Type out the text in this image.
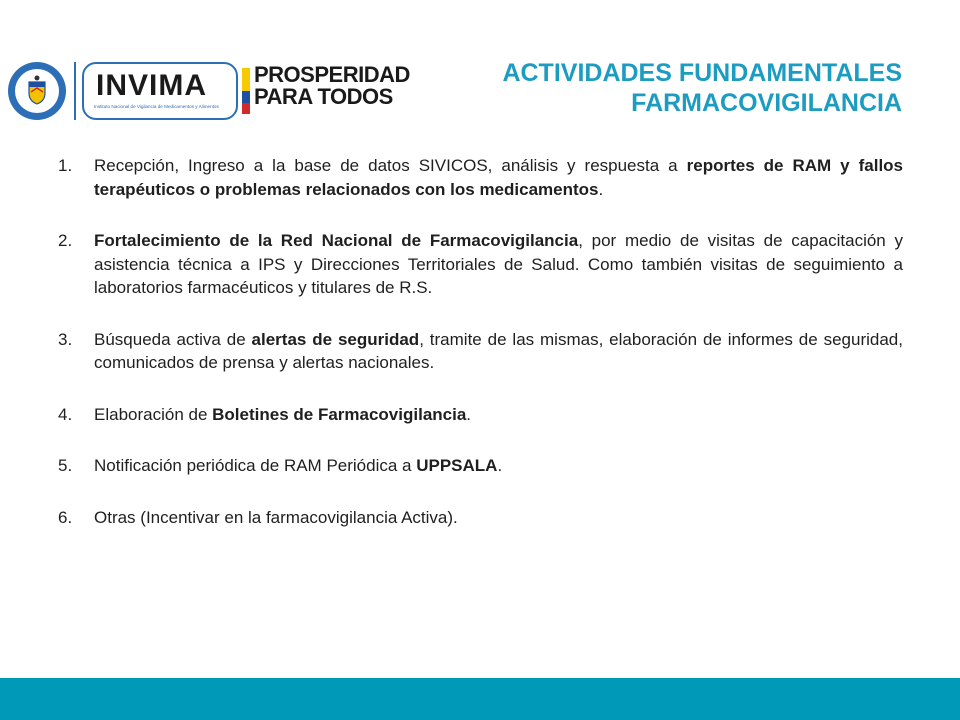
INVIMA
Instituto Nacional de Vigilancia de Medicamentos y Alimentos
PROSPERIDAD
PARA TODOS
ACTIVIDADES FUNDAMENTALES
FARMACOVIGILANCIA
1. Recepción, Ingreso a la base de datos SIVICOS, análisis y respuesta a reportes de RAM y fallos terapéuticos o problemas relacionados con los medicamentos.
2. Fortalecimiento de la Red Nacional de Farmacovigilancia, por medio de visitas de capacitación y asistencia técnica a IPS y Direcciones Territoriales de Salud. Como también visitas de seguimiento a laboratorios farmacéuticos y titulares de R.S.
3. Búsqueda activa de alertas de seguridad, tramite de las mismas, elaboración de informes de seguridad, comunicados de prensa y alertas nacionales.
4. Elaboración de Boletines de Farmacovigilancia.
5. Notificación periódica de RAM Periódica a UPPSALA.
6. Otras (Incentivar en la farmacovigilancia Activa).
